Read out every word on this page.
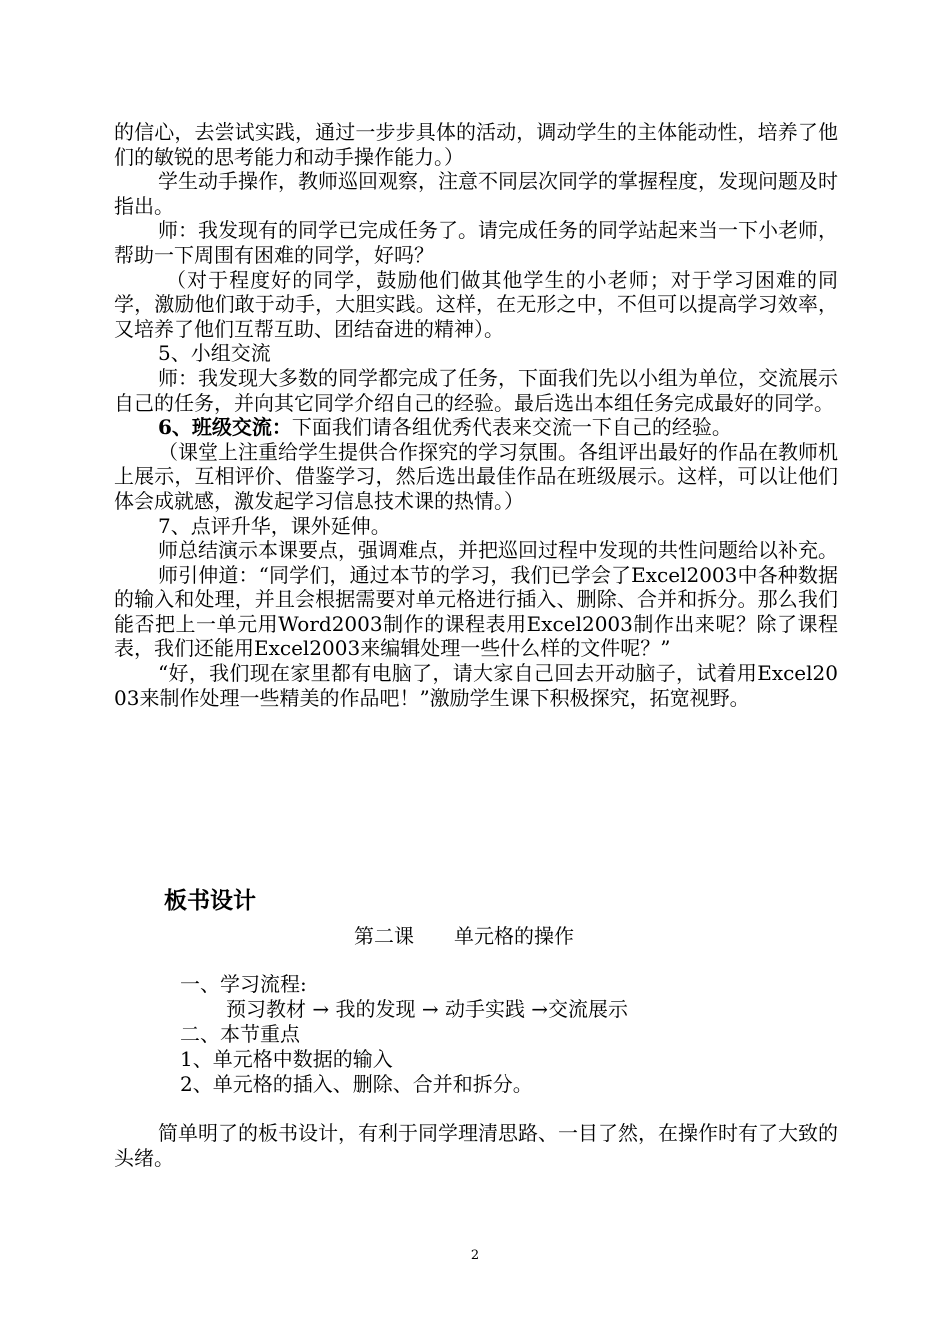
的信心，去尝试实践，通过一步步具体的活动，调动学生的主体能动性，培养了他们的敏锐的思考能力和动手操作能力。）

学生动手操作，教师巡回观察，注意不同层次同学的掌握程度，发现问题及时指出。

师：我发现有的同学已完成任务了。请完成任务的同学站起来当一下小老师，帮助一下周围有困难的同学，好吗？

（对于程度好的同学，鼓励他们做其他学生的小老师；对于学习困难的同学，激励他们敢于动手，大胆实践。这样，在无形之中，不但可以提高学习效率，又培养了他们互帮互助、团结奋进的精神）。

5、小组交流

师：我发现大多数的同学都完成了任务，下面我们先以小组为单位，交流展示自己的任务，并向其它同学介绍自己的经验。最后选出本组任务完成最好的同学。

6、班级交流：下面我们请各组优秀代表来交流一下自己的经验。

（课堂上注重给学生提供合作探究的学习氛围。各组评出最好的作品在教师机上展示，互相评价、借鉴学习，然后选出最佳作品在班级展示。这样，可以让他们体会成就感，激发起学习信息技术课的热情。）

7、点评升华，课外延伸。

师总结演示本课要点，强调难点，并把巡回过程中发现的共性问题给以补充。

师引伸道：“同学们，通过本节的学习，我们已学会了Excel2003中各种数据的输入和处理，并且会根据需要对单元格进行插入、删除、合并和拆分。那么我们能否把上一单元用Word2003制作的课程表用Excel2003制作出来呢？除了课程表，我们还能用Excel2003来编辑处理一些什么样的文件呢？”

“好，我们现在家里都有电脑了，请大家自己回去开动脑子，试着用Excel2003来制作处理一些精美的作品吧！”激励学生课下积极探究，拓宽视野。

板书设计
第二课　　单元格的操作
一、学习流程:
预习教材 → 我的发现 → 动手实践 →交流展示
二、本节重点
1、单元格中数据的输入
2、单元格的插入、删除、合并和拆分。

简单明了的板书设计，有利于同学理清思路、一目了然，在操作时有了大致的头绪。

2
